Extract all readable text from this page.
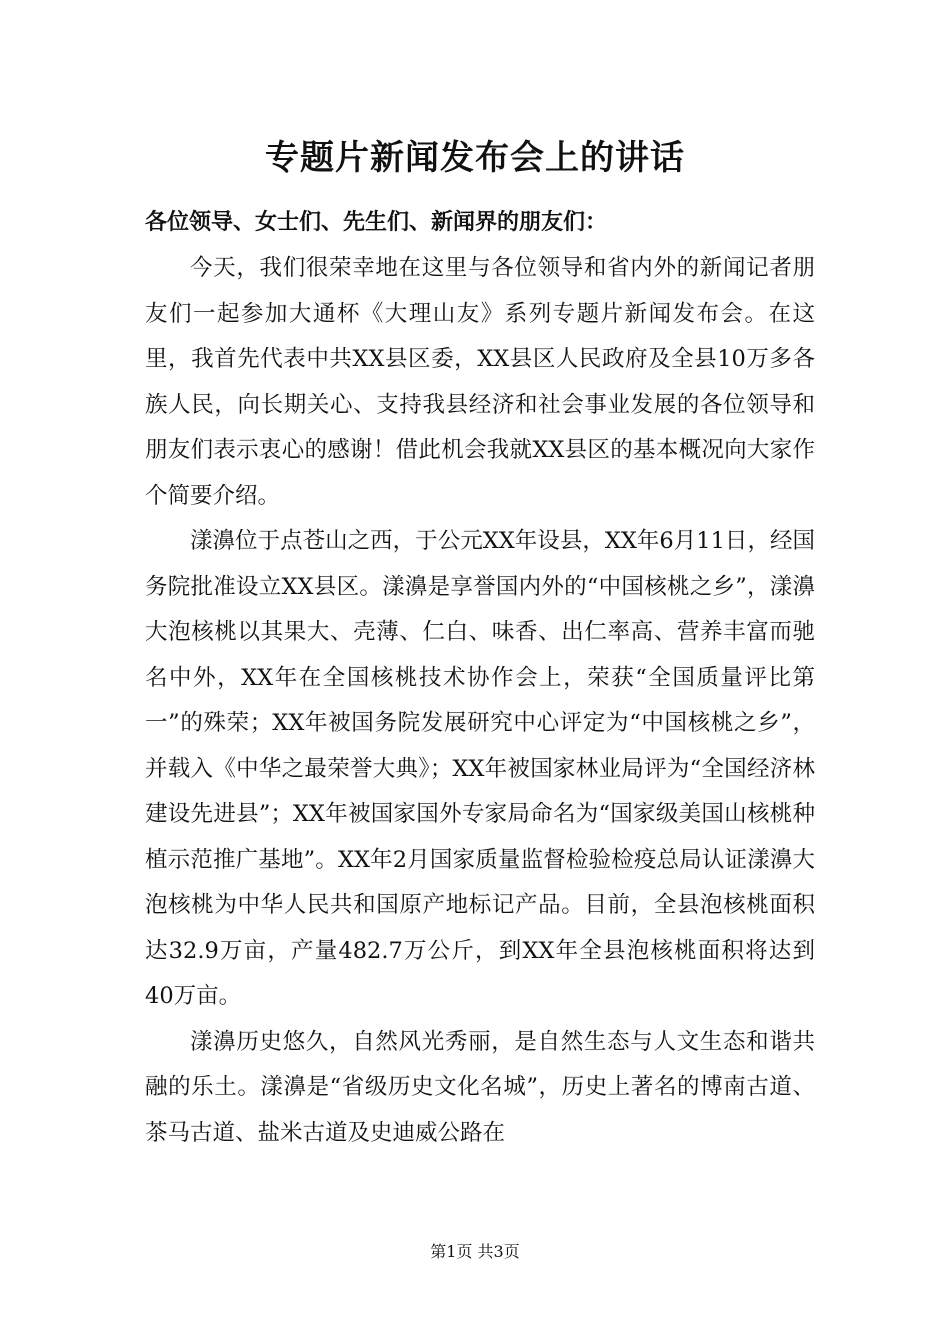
专题片新闻发布会上的讲话
各位领导、女士们、先生们、新闻界的朋友们：

今天，我们很荣幸地在这里与各位领导和省内外的新闻记者朋友们一起参加大通杯《大理山友》系列专题片新闻发布会。在这里，我首先代表中共XX县区委，XX县区人民政府及全县10万多各族人民，向长期关心、支持我县经济和社会事业发展的各位领导和朋友们表示衷心的感谢！借此机会我就XX县区的基本概况向大家作个简要介绍。

漾濞位于点苍山之西，于公元XX年设县，XX年6月11日，经国务院批准设立XX县区。漾濞是享誉国内外的“中国核桃之乡”，漾濞大泡核桃以其果大、壳薄、仁白、味香、出仁率高、营养丰富而驰名中外，XX年在全国核桃技术协作会上，荣获“全国质量评比第一”的殊荣；XX年被国务院发展研究中心评定为“中国核桃之乡”，并载入《中华之最荣誉大典》；XX年被国家林业局评为“全国经济林建设先进县”；XX年被国家国外专家局命名为“国家级美国山核桃种植示范推广基地”。XX年2月国家质量监督检验检疫总局认证漾濞大泡核桃为中华人民共和国原产地标记产品。目前，全县泡核桃面积达32.9万亩，产量482.7万公斤，到XX年全县泡核桃面积将达到40万亩。

漾濞历史悠久，自然风光秀丽，是自然生态与人文生态和谐共融的乐土。漾濞是“省级历史文化名城”，历史上著名的博南古道、茶马古道、盐米古道及史迪威公路在

第1页 共3页
